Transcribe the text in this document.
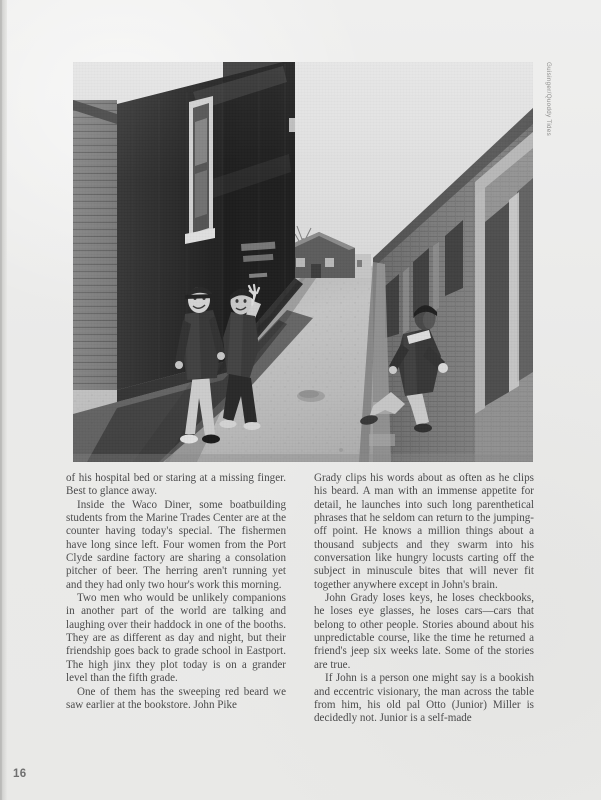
Guisinger/Quoddy Tides

of his hospital bed or staring at a missing finger. Best to glance away.

Inside the Waco Diner, some boatbuilding students from the Marine Trades Center are at the counter having today's special. The fishermen have long since left. Four women from the Port Clyde sardine factory are sharing a consolation pitcher of beer. The herring aren't running yet and they had only two hour's work this morning.

Two men who would be unlikely companions in another part of the world are talking and laughing over their haddock in one of the booths. They are as different as day and night, but their friendship goes back to grade school in Eastport. The high jinx they plot today is on a grander level than the fifth grade.

One of them has the sweeping red beard we saw earlier at the bookstore. John Pike

Grady clips his words about as often as he clips his beard. A man with an immense appetite for detail, he launches into such long parenthetical phrases that he seldom can return to the jumping-off point. He knows a million things about a thousand subjects and they swarm into his conversation like hungry locusts carting off the subject in minuscule bites that will never fit together anywhere except in John's brain.

John Grady loses keys, he loses checkbooks, he loses eye glasses, he loses cars—cars that belong to other people. Stories abound about his unpredictable course, like the time he returned a friend's jeep six weeks late. Some of the stories are true.

If John is a person one might say is a bookish and eccentric visionary, the man across the table from him, his old pal Otto (Junior) Miller is decidedly not. Junior is a self-made

16
